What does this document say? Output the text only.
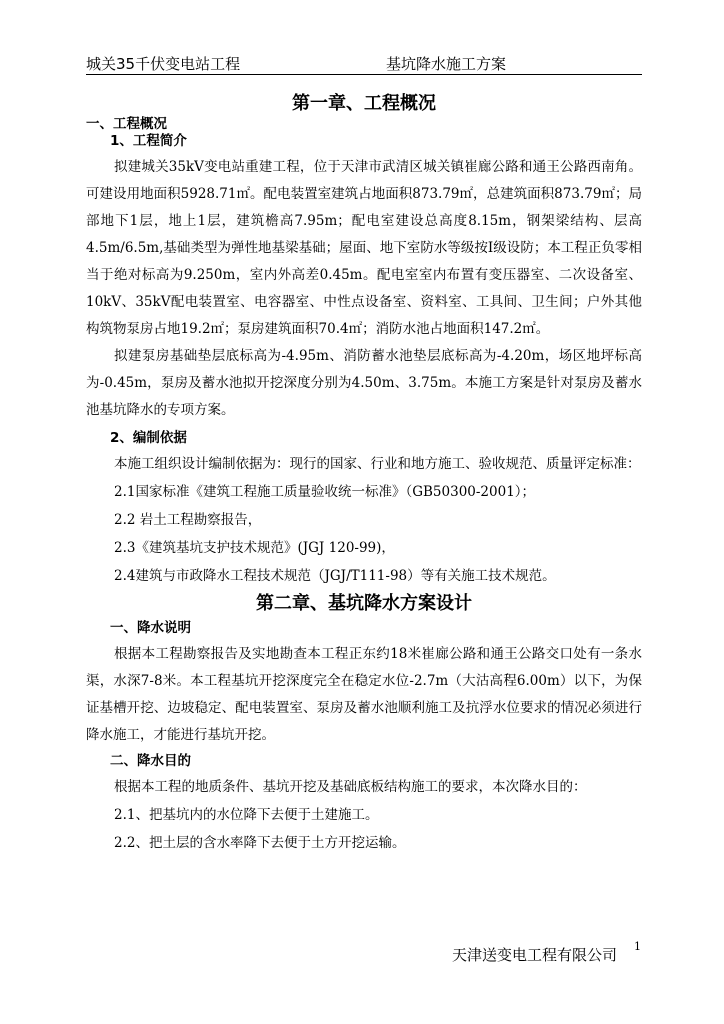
城关35千伏变电站工程	基坑降水施工方案
第一章、工程概况

一、工程概况

1、工程简介

拟建城关35kV变电站重建工程，位于天津市武清区城关镇崔廊公路和通王公路西南角。可建设用地面积5928.71㎡。配电装置室建筑占地面积873.79㎡，总建筑面积873.79㎡；局部地下1层，地上1层，建筑檐高7.95m；配电室建设总高度8.15m，钢架梁结构、层高4.5m/6.5m,基础类型为弹性地基梁基础；屋面、地下室防水等级按Ⅰ级设防；本工程正负零相当于绝对标高为9.250m，室内外高差0.45m。配电室室内布置有变压器室、二次设备室、10kV、35kV配电装置室、电容器室、中性点设备室、资料室、工具间、卫生间；户外其他构筑物泵房占地19.2㎡；泵房建筑面积70.4㎡；消防水池占地面积147.2㎡。

拟建泵房基础垫层底标高为-4.95m、消防蓄水池垫层底标高为-4.20m，场区地坪标高为-0.45m，泵房及蓄水池拟开挖深度分别为4.50m、3.75m。本施工方案是针对泵房及蓄水池基坑降水的专项方案。

2、编制依据

本施工组织设计编制依据为：现行的国家、行业和地方施工、验收规范、质量评定标准：

2.1国家标准《建筑工程施工质量验收统一标准》（GB50300-2001）；

2.2 岩土工程勘察报告，

2.3《建筑基坑支护技术规范》(JGJ 120-99)，

2.4建筑与市政降水工程技术规范（JGJ/T111-98）等有关施工技术规范。

第二章、基坑降水方案设计

一、降水说明

根据本工程勘察报告及实地勘查本工程正东约18米崔廊公路和通王公路交口处有一条水渠，水深7-8米。本工程基坑开挖深度完全在稳定水位-2.7m（大沽高程6.00m）以下，为保证基槽开挖、边坡稳定、配电装置室、泵房及蓄水池顺利施工及抗浮水位要求的情况必须进行降水施工，才能进行基坑开挖。

二、降水目的

根据本工程的地质条件、基坑开挖及基础底板结构施工的要求，本次降水目的：

2.1、把基坑内的水位降下去便于土建施工。

2.2、把土层的含水率降下去便于土方开挖运输。

天津送变电工程有限公司 1
